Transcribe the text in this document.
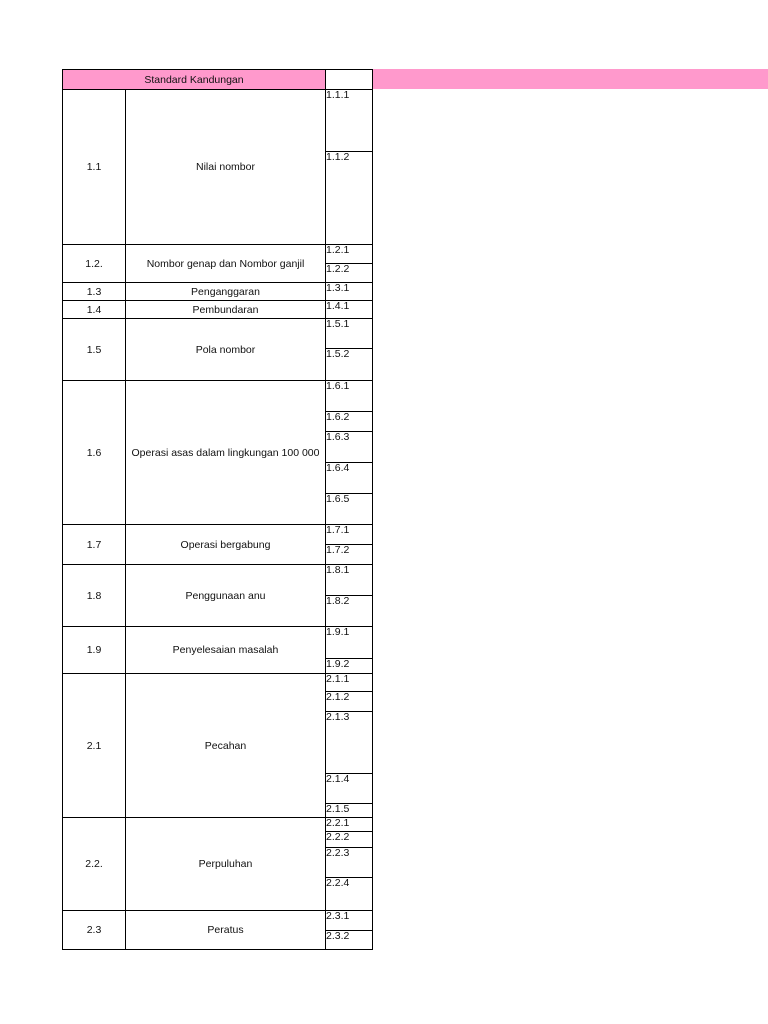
Standard Kandungan		
1.1	Nilai nombor	1.1.1
		1.1.2
1.2.	Nombor genap dan Nombor ganjil	1.2.1
		1.2.2
1.3	Penganggaran	1.3.1
1.4	Pembundaran	1.4.1
1.5	Pola nombor	1.5.1
		1.5.2
1.6	Operasi asas dalam lingkungan 100 000	1.6.1
		1.6.2
		1.6.3
		1.6.4
		1.6.5
1.7	Operasi bergabung	1.7.1
		1.7.2
1.8	Penggunaan anu	1.8.1
		1.8.2
1.9	Penyelesaian masalah	1.9.1
		1.9.2
2.1	Pecahan	2.1.1
		2.1.2
		2.1.3
		2.1.4
		2.1.5
2.2.	Perpuluhan	2.2.1
		2.2.2
		2.2.3
		2.2.4
2.3	Peratus	2.3.1
		2.3.2
